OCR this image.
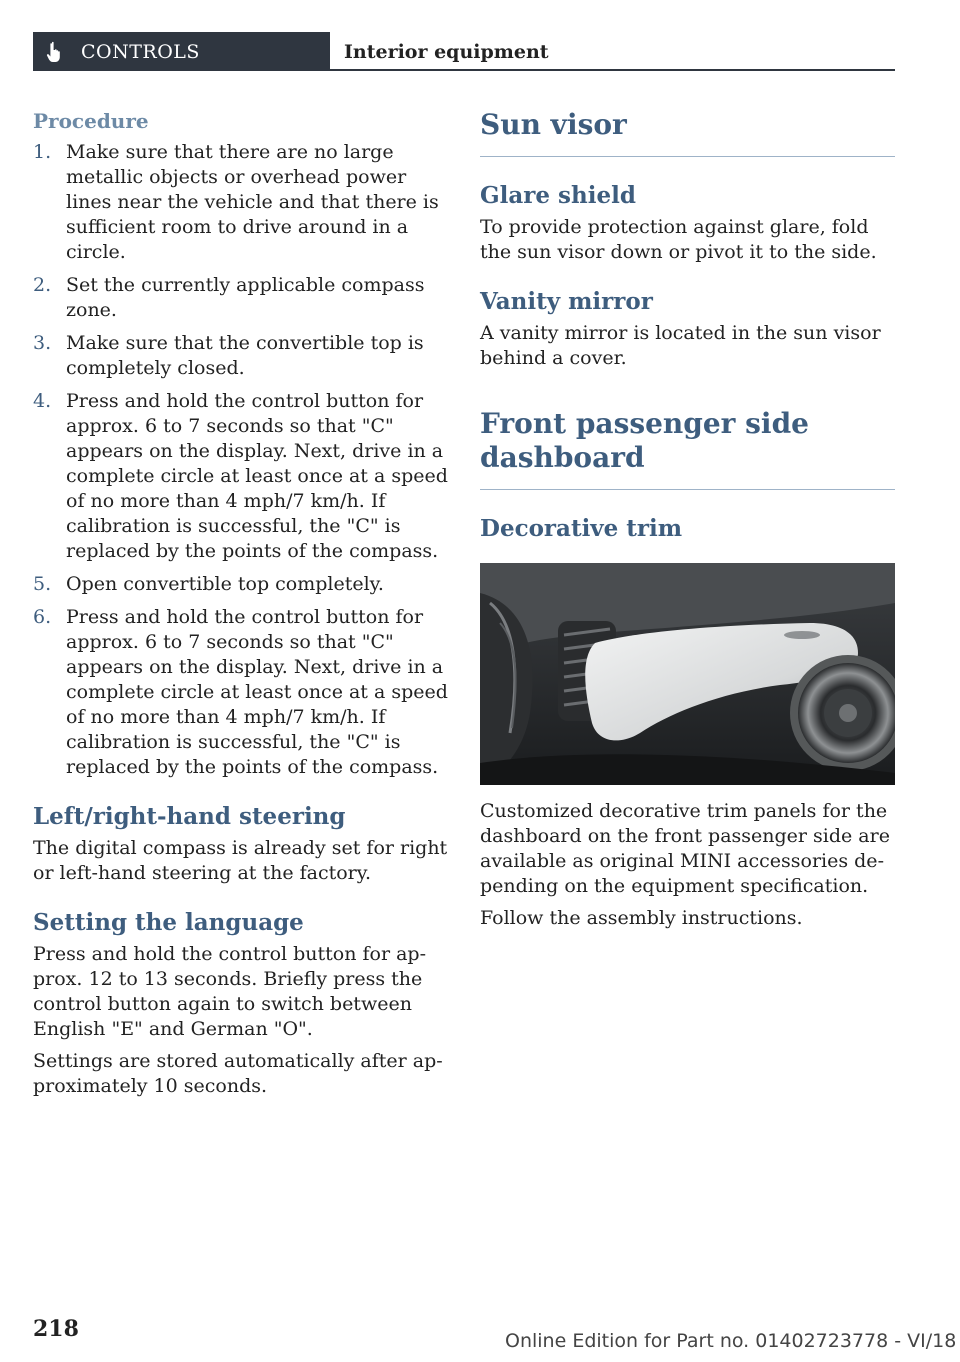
CONTROLS	Interior equipment
Procedure
1. Make sure that there are no large metallic objects or overhead power lines near the vehicle and that there is sufficient room to drive around in a circle.
2. Set the currently applicable compass zone.
3. Make sure that the convertible top is completely closed.
4. Press and hold the control button for approx. 6 to 7 seconds so that "C" appears on the display. Next, drive in a complete circle at least once at a speed of no more than 4 mph/7 km/h. If calibration is successful, the "C" is replaced by the points of the compass.
5. Open convertible top completely.
6. Press and hold the control button for approx. 6 to 7 seconds so that "C" appears on the display. Next, drive in a complete circle at least once at a speed of no more than 4 mph/7 km/h. If calibration is successful, the "C" is replaced by the points of the compass.
Left/right-hand steering
The digital compass is already set for right or left-hand steering at the factory.
Setting the language
Press and hold the control button for approx. 12 to 13 seconds. Briefly press the control button again to switch between English "E" and German "O".
Settings are stored automatically after approximately 10 seconds.
Sun visor
Glare shield
To provide protection against glare, fold the sun visor down or pivot it to the side.
Vanity mirror
A vanity mirror is located in the sun visor behind a cover.
Front passenger side dashboard
Decorative trim
Customized decorative trim panels for the dashboard on the front passenger side are available as original MINI accessories depending on the equipment specification.
Follow the assembly instructions.
218	Online Edition for Part no. 01402723778 - VI/18
